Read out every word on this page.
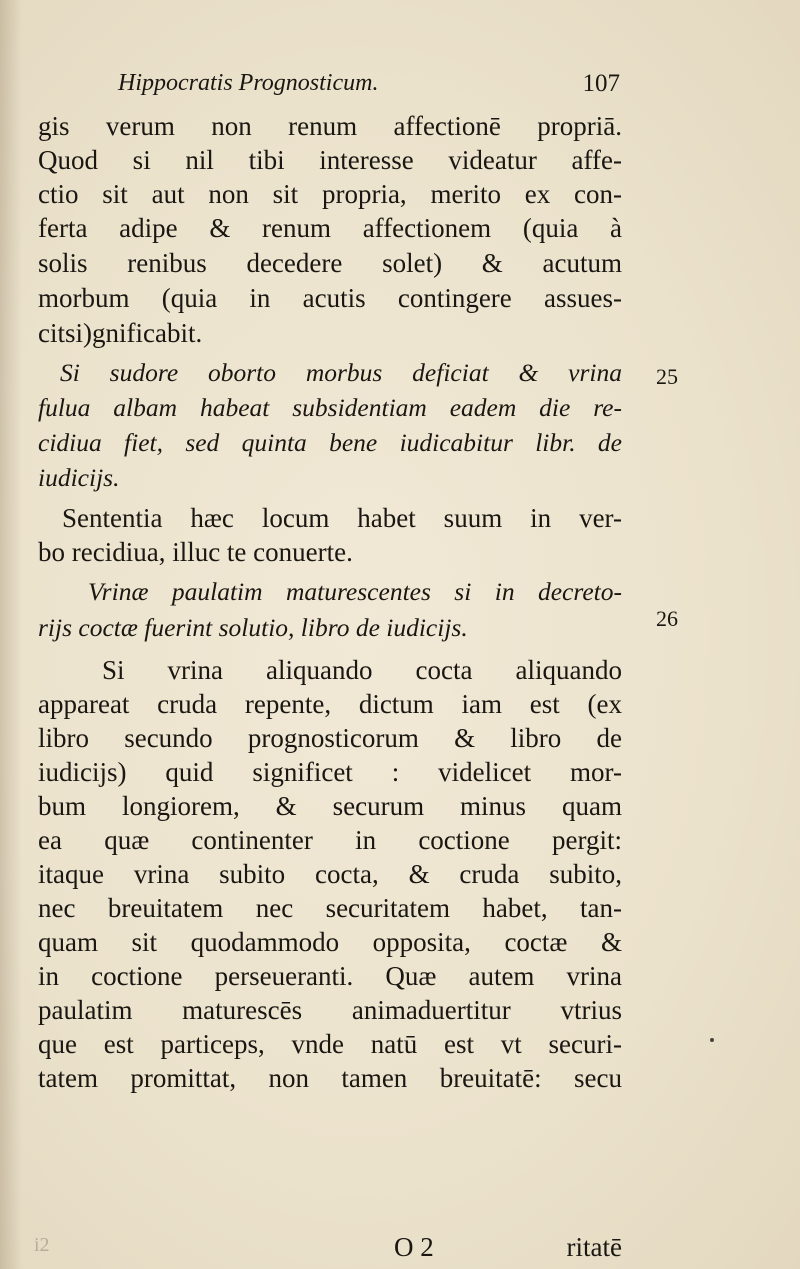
Hippocratis Prognosticum.	107
gis verum non renum affectionē propriā.
Quod si nil tibi interesse videatur affe-
ctio sit aut non sit propria, merito ex con-
ferta adipe & renum affectionem (quia à
solis renibus decedere solet) & acutum
morbum (quia in acutis contingere assues-
citsi)gnificabit.
Si sudore oborto morbus deficiat & vrina
fulua albam habeat subsidentiam eadem die re-
cidiua fiet, sed quinta bene iudicabitur libr. de
iudicijs.
Sententia hæc locum habet suum in ver-
bo recidiua, illuc te conuerte.
Vrinæ paulatim maturescentes si in decreto-
rijs coctæ fuerint solutio, libro de iudicijs.
Si vrina aliquando cocta aliquando
appareat cruda repente, dictum iam est (ex
libro secundo prognosticorum & libro de
iudicijs) quid significet : videlicet mor-
bum longiorem, & securum minus quam
ea quæ continenter in coctione pergit:
itaque vrina subito cocta, & cruda subito,
nec breuitatem nec securitatem habet, tan-
quam sit quodammodo opposita, coctæ &
in coctione perseueranti. Quæ autem vrina
paulatim maturescēs animaduertitur vtrius
que est particeps, vnde natū est vt securi-
tatem promittat, non tamen breuitatē: secu
25
26
i2	O 2	ritatē
